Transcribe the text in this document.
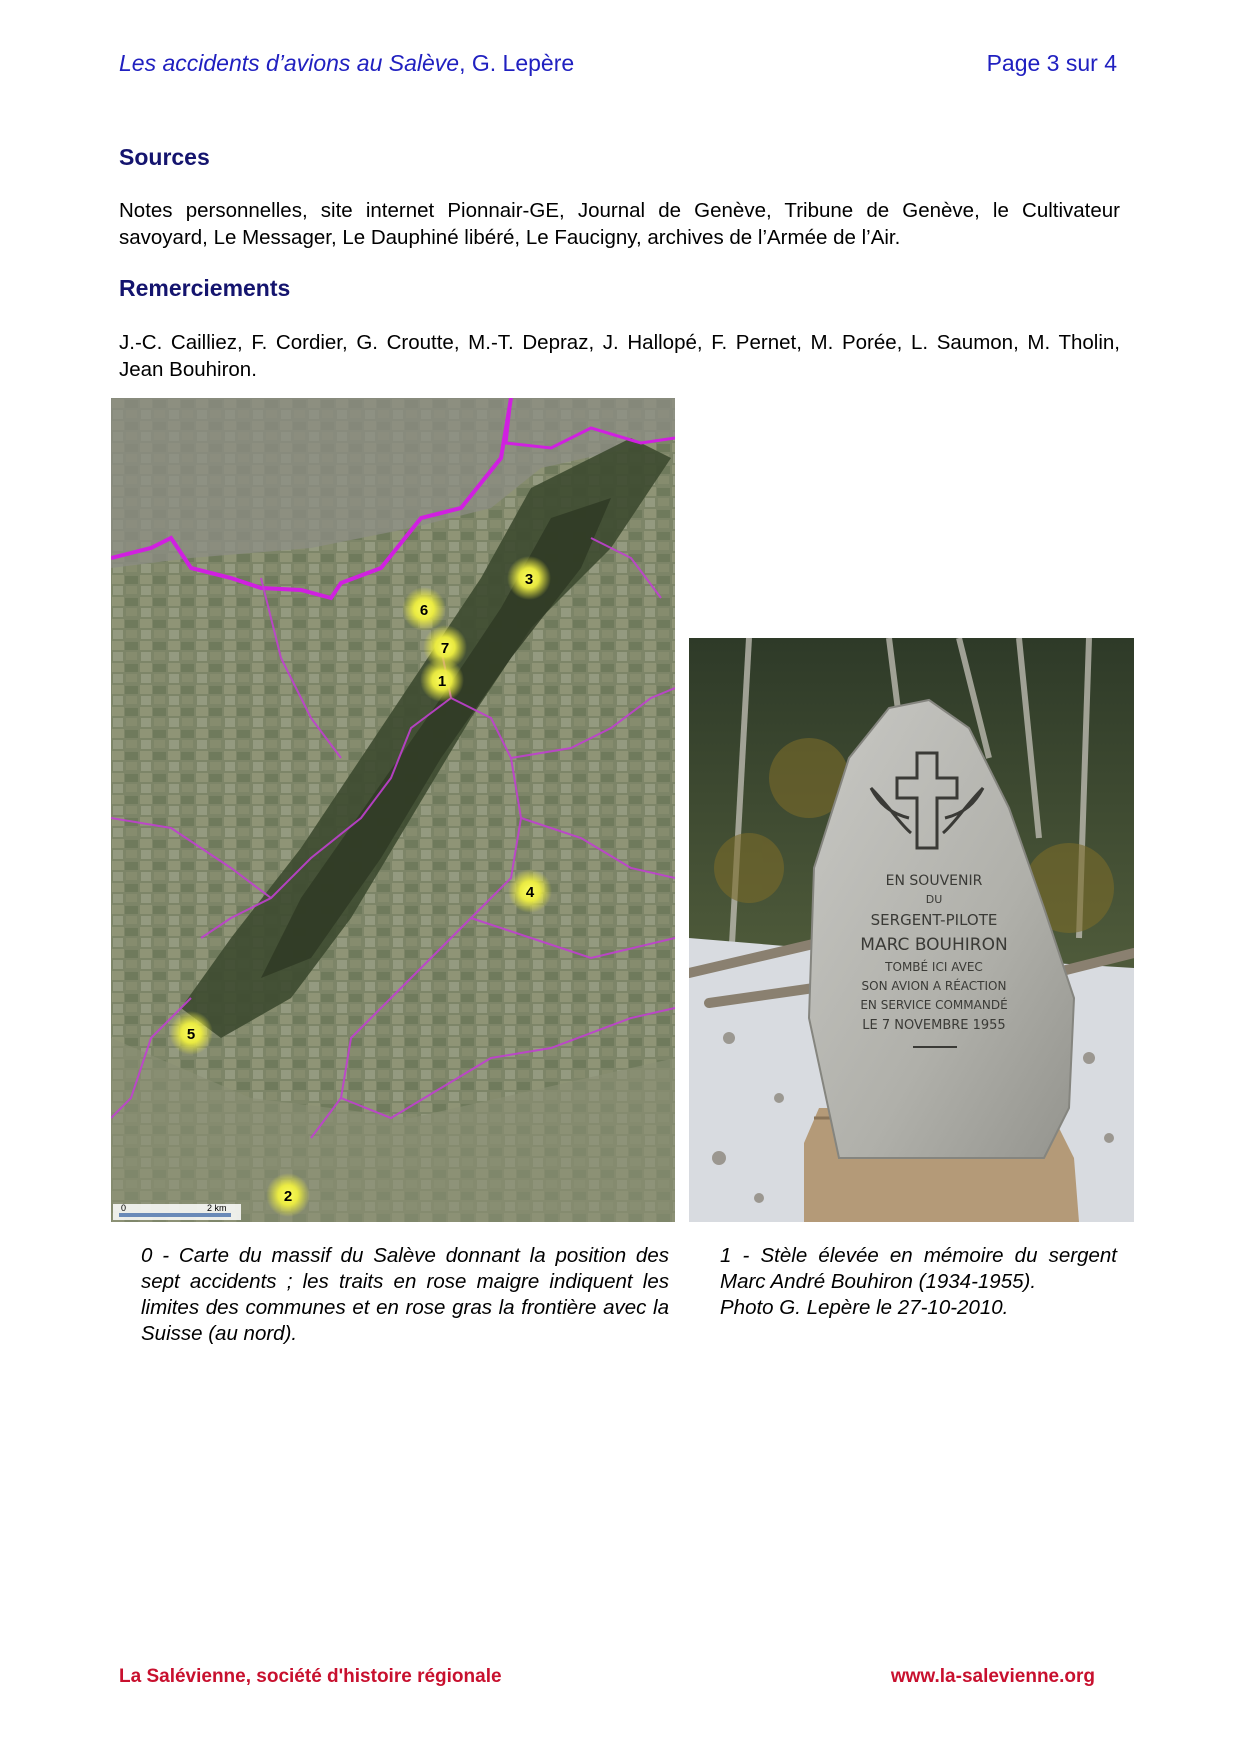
Les accidents d’avions au Salève, G. Lepère	Page 3 sur 4
Sources

Notes personnelles, site internet Pionnair-GE, Journal de Genève, Tribune de Genève, le Cultivateur savoyard, Le Messager, Le Dauphiné libéré, Le Faucigny, archives de l’Armée de l’Air.

Remerciements

J.-C. Cailliez, F. Cordier, G. Croutte, M.-T. Depraz, J. Hallopé, F. Pernet, M. Porée, L. Saumon, M. Tholin, Jean Bouhiron.

3
6
7
1
4
5
2
0	2 km
EN SOUVENIR
DU
SERGENT-PILOTE
MARC BOUHIRON
TOMBÉ ICI AVEC
SON AVION A RÉACTION
EN SERVICE COMMANDÉ
LE 7 NOVEMBRE 1955

0 - Carte du massif du Salève donnant la position des sept accidents ; les traits en rose maigre indiquent les limites des communes et en rose gras la frontière avec la Suisse (au nord).

1 - Stèle élevée en mémoire du sergent Marc André Bouhiron (1934-1955).
Photo G. Lepère le 27-10-2010.

La Salévienne, société d'histoire régionale	www.la-salevienne.org
